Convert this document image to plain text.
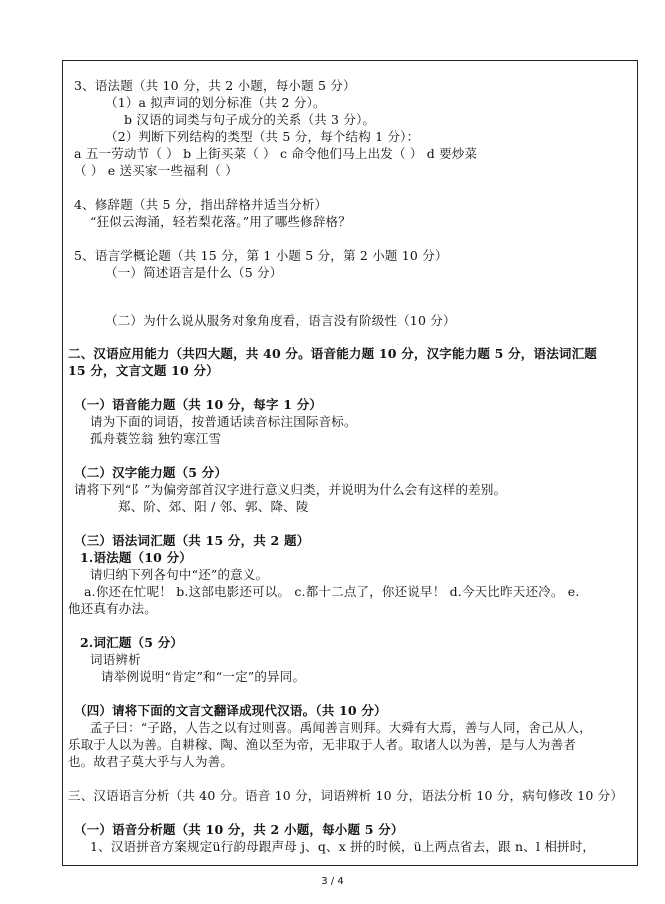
3、语法题（共 10 分，共 2 小题，每小题 5 分）
（1）a 拟声词的划分标准（共 2 分）。
b 汉语的词类与句子成分的关系（共 3 分）。
（2）判断下列结构的类型（共 5 分，每个结构 1 分）：
a 五一劳动节（ ） b 上街买菜（ ） c 命令他们马上出发（ ） d 要炒菜
（ ） e 送买家一些福利（ ）
4、修辞题（共 5 分，指出辞格并适当分析）
“狂似云海涌，轻若梨花落。”用了哪些修辞格？
5、语言学概论题（共 15 分，第 1 小题 5 分，第 2 小题 10 分）
（一）简述语言是什么（5 分）
（二）为什么说从服务对象角度看，语言没有阶级性（10 分）
二、汉语应用能力（共四大题，共 40 分。语音能力题 10 分，汉字能力题 5 分，语法词汇题
15 分，文言文题 10 分）
（一）语音能力题（共 10 分，每字 1 分）
请为下面的词语，按普通话读音标注国际音标。
孤舟蓑笠翁 独钓寒江雪
（二）汉字能力题（5 分）
请将下列“阝”为偏旁部首汉字进行意义归类，并说明为什么会有这样的差别。
郑、阶、郊、阳 / 邻、郭、降、陵
（三）语法词汇题（共 15 分，共 2 题）
1.语法题（10 分）
请归纳下列各句中“还”的意义。
a.你还在忙呢！ b.这部电影还可以。 c.都十二点了，你还说早！ d.今天比昨天还冷。 e.
他还真有办法。
2.词汇题（5 分）
词语辨析
请举例说明“肯定”和“一定”的异同。
（四）请将下面的文言文翻译成现代汉语。（共 10 分）
孟子曰：“子路，人告之以有过则喜。禹闻善言则拜。大舜有大焉，善与人同，舍己从人，
乐取于人以为善。自耕稼、陶、渔以至为帝，无非取于人者。取诸人以为善，是与人为善者
也。故君子莫大乎与人为善。
三、汉语语言分析（共 40 分。语音 10 分，词语辨析 10 分，语法分析 10 分，病句修改 10 分）
（一）语音分析题（共 10 分，共 2 小题，每小题 5 分）
1、汉语拼音方案规定ü行韵母跟声母 j、q、x 拼的时候，ü上两点省去，跟 n、l 相拼时，
3 / 4
